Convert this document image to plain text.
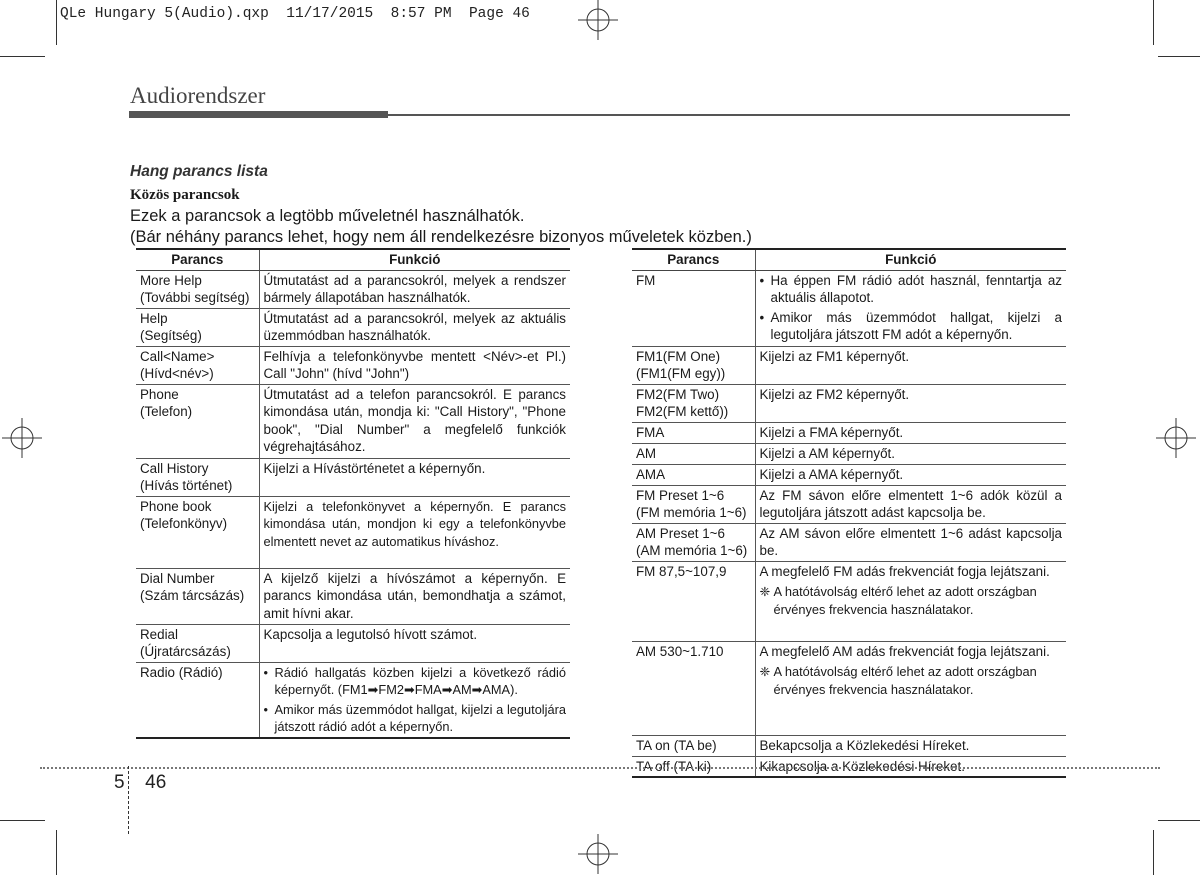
QLe Hungary 5(Audio).qxp  11/17/2015  8:57 PM  Page 46
Audiorendszer
Hang parancs lista
Közös parancsok
Ezek a parancsok a legtöbb műveletnél használhatók.
(Bár néhány parancs lehet, hogy nem áll rendelkezésre bizonyos műveletek közben.)
Parancs	Funkció

More Help
(További segítség)	Útmutatást ad a parancsokról, melyek a rendszer bármely állapotában használhatók.

Help
(Segítség)	Útmutatást ad a parancsokról, melyek az aktuális üzemmódban használhatók.

Call<Name>
(Hívd<név>)	Felhívja a telefonkönyvbe mentett <Név>-et Pl.) Call "John" (hívd "John")

Phone
(Telefon)	Útmutatást ad a telefon parancsokról. E parancs kimondása után, mondja ki: "Call History", "Phone book", "Dial Number" a megfelelő funkciók végrehajtásához.

Call History
(Hívás történet)	Kijelzi a Hívástörténetet a képernyőn.

Phone book
(Telefonkönyv)	Kijelzi a telefonkönyvet a képernyőn. E parancs kimondása után, mondjon ki egy a telefonkönyvbe elmentett nevet az automatikus híváshoz.

Dial Number
(Szám tárcsázás)	A kijelző kijelzi a hívószámot a képernyőn. E parancs kimondása után, bemondhatja a számot, amit hívni akar.

Redial
(Újratárcsázás)	Kapcsolja a legutolsó hívott számot.

Radio (Rádió)	• Rádió hallgatás közben kijelzi a következő rádió képernyőt. (FM1➡FM2➡FMA➡AM➡AMA).
• Amikor más üzemmódot hallgat, kijelzi a legutoljára játszott rádió adót a képernyőn.
Parancs	Funkció

FM	• Ha éppen FM rádió adót használ, fenntartja az aktuális állapotot.
• Amikor más üzemmódot hallgat, kijelzi a legutoljára játszott FM adót a képernyőn.

FM1(FM One)
(FM1(FM egy))	Kijelzi az FM1 képernyőt.

FM2(FM Two)
FM2(FM kettő))	Kijelzi az FM2 képernyőt.

FMA	Kijelzi a FMA képernyőt.

AM	Kijelzi a AM képernyőt.

AMA	Kijelzi a AMA képernyőt.

FM Preset 1~6
(FM memória 1~6)	Az FM sávon előre elmentett 1~6 adók közül a legutoljára játszott adást kapcsolja be.

AM Preset 1~6
(AM memória 1~6)	Az AM sávon előre elmentett 1~6 adást kapcsolja be.

FM 87,5~107,9	A megfelelő FM adás frekvenciát fogja lejátszani.
❈ A hatótávolság eltérő lehet az adott országban érvényes frekvencia használatakor.

AM 530~1.710	A megfelelő AM adás frekvenciát fogja lejátszani.
❈ A hatótávolság eltérő lehet az adott országban érvényes frekvencia használatakor.

TA on (TA be)	Bekapcsolja a Közlekedési Híreket.

TA off (TA ki)	Kikapcsolja a Közlekedési Híreket.
5 46
